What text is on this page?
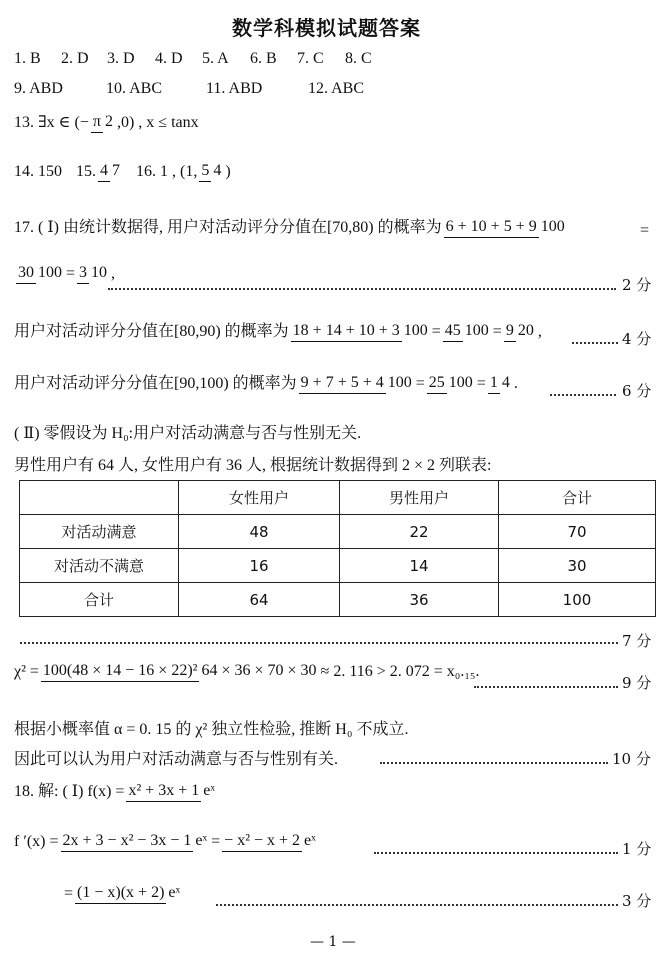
数学科模拟试题答案
1. B 2. D 3. D 4. D 5. A 6. B 7. C 8. C
9. ABD	10. ABC	11. ABD	12. ABC
13. ∃x ∈ (− π 2 ,0) , x ≤ tanx
14. 150 15. 4 7 16. 1 , (1, 5 4 )
17. ( Ⅰ) 由统计数据得, 用户对活动评分分值在[70,80) 的概率为 6 + 10 + 5 + 9 100	=
30 100=3 10 ,
2 分
用户对活动评分分值在[80,90) 的概率为 18 + 14 + 10 + 3 100=45 100=9 20 ,	4 分
用户对活动评分分值在[90,100) 的概率为 9 + 7 + 5 + 4 100=25 100=1 4 .	6 分
( Ⅱ) 零假设为 H₀:用户对活动满意与否与性别无关.
男性用户有 64 人, 女性用户有 36 人, 根据统计数据得到 2 × 2 列联表:
	女性用户	男性用户	合计
对活动满意	48	22	70
对活动不满意	16	14	30
合计	64	36	100
7 分
χ² = 100(48 × 14 − 16 × 22)² 64 × 36 × 70 × 30 ≈ 2. 116 > 2. 072 = x₀.₁₅.
9 分
根据小概率值 α = 0. 15 的 χ² 独立性检验, 推断 H₀ 不成立.
因此可以认为用户对活动满意与否与性别有关.	10 分
18. 解: ( Ⅰ) f(x) = x² + 3x + 1 eˣ
f ′(x) = 2x + 3 − x² − 3x − 1 eˣ=− x² − x + 2 eˣ	1 分
=(1 − x)(x + 2) eˣ	3 分
— 1 —
